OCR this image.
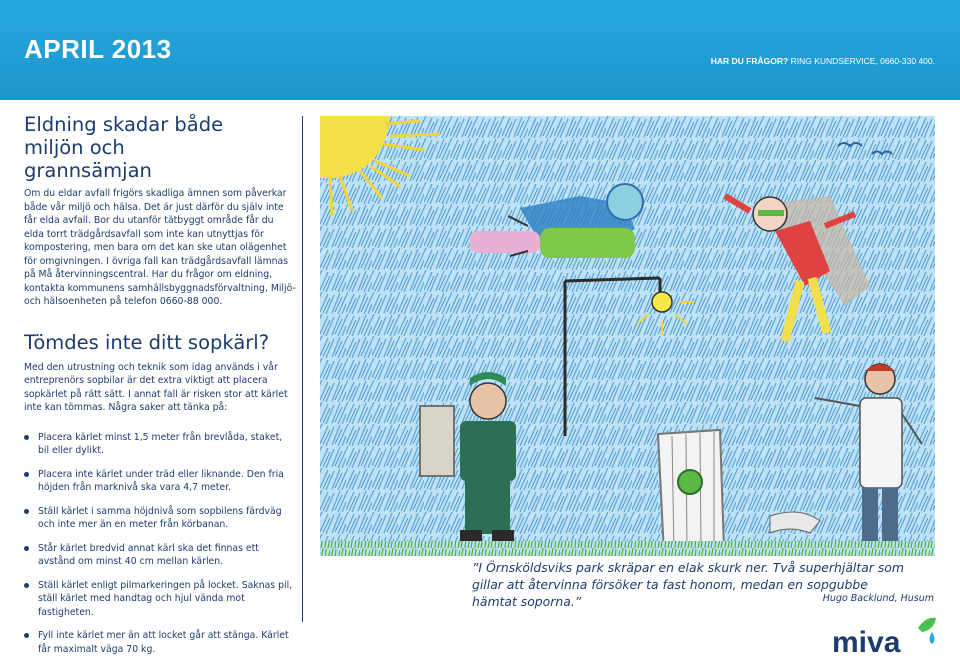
APRIL 2013	HAR DU FRÅGOR? RING KUNDSERVICE, 0660-330 400.

Eldning skadar både miljön och grannsämjan

Om du eldar avfall frigörs skadliga ämnen som påverkar både vår miljö och hälsa. Det är just därför du själv inte får elda avfall. Bor du utanför tätbyggt område får du elda torrt trädgårdsavfall som inte kan utnyttjas för kompostering, men bara om det kan ske utan olägenhet för omgivningen. I övriga fall kan trädgårdsavfall lämnas på Må återvinningscentral. Har du frågor om eldning, kontakta kommunens samhällsbyggnadsförvaltning, Miljö- och hälsoenheten på telefon 0660-88 000.

Tömdes inte ditt sopkärl?

Med den utrustning och teknik som idag används i vår entreprenörs sopbilar är det extra viktigt att placera sopkärlet på rätt sätt. I annat fall är risken stor att kärlet inte kan tömmas. Några saker att tänka på:

Placera kärlet minst 1,5 meter från brevlåda, staket, bil eller dylikt.
Placera inte kärlet under träd eller liknande. Den fria höjden från marknivå ska vara 4,7 meter.
Ställ kärlet i samma höjdnivå som sopbilens färdväg och inte mer än en meter från körbanan.
Står kärlet bredvid annat kärl ska det finnas ett avstånd om minst 40 cm mellan kärlen.
Ställ kärlet enligt pilmarkeringen på locket. Saknas pil, ställ kärlet med handtag och hjul vända mot fastigheten.
Fyll inte kärlet mer än att locket går att stänga. Kärlet får maximalt väga 70 kg.

”I Örnsköldsviks park skräpar en elak skurk ner. Två superhjältar som gillar att återvinna försöker ta fast honom, medan en sopgubbe hämtat soporna.”	Hugo Backlund, Husum

miva
